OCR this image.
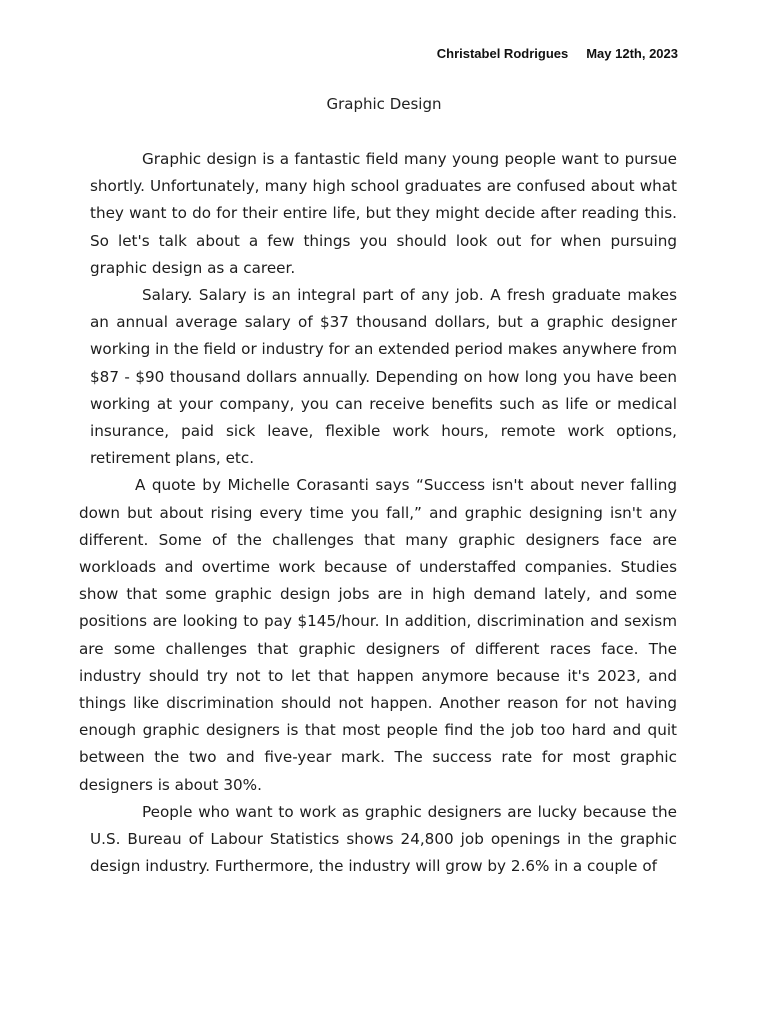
Christabel Rodrigues May 12th, 2023
Graphic Design

Graphic design is a fantastic field many young people want to pursue shortly. Unfortunately, many high school graduates are confused about what they want to do for their entire life, but they might decide after reading this. So let's talk about a few things you should look out for when pursuing graphic design as a career.

Salary. Salary is an integral part of any job. A fresh graduate makes an annual average salary of $37 thousand dollars, but a graphic designer working in the field or industry for an extended period makes anywhere from $87 - $90 thousand dollars annually. Depending on how long you have been working at your company, you can receive benefits such as life or medical insurance, paid sick leave, flexible work hours, remote work options, retirement plans, etc.

A quote by Michelle Corasanti says “Success isn't about never falling down but about rising every time you fall,” and graphic designing isn't any different. Some of the challenges that many graphic designers face are workloads and overtime work because of understaffed companies. Studies show that some graphic design jobs are in high demand lately, and some positions are looking to pay $145/hour. In addition, discrimination and sexism are some challenges that graphic designers of different races face. The industry should try not to let that happen anymore because it's 2023, and things like discrimination should not happen. Another reason for not having enough graphic designers is that most people find the job too hard and quit between the two and five-year mark. The success rate for most graphic designers is about 30%.

People who want to work as graphic designers are lucky because the U.S. Bureau of Labour Statistics shows 24,800 job openings in the graphic design industry. Furthermore, the industry will grow by 2.6% in a couple of
